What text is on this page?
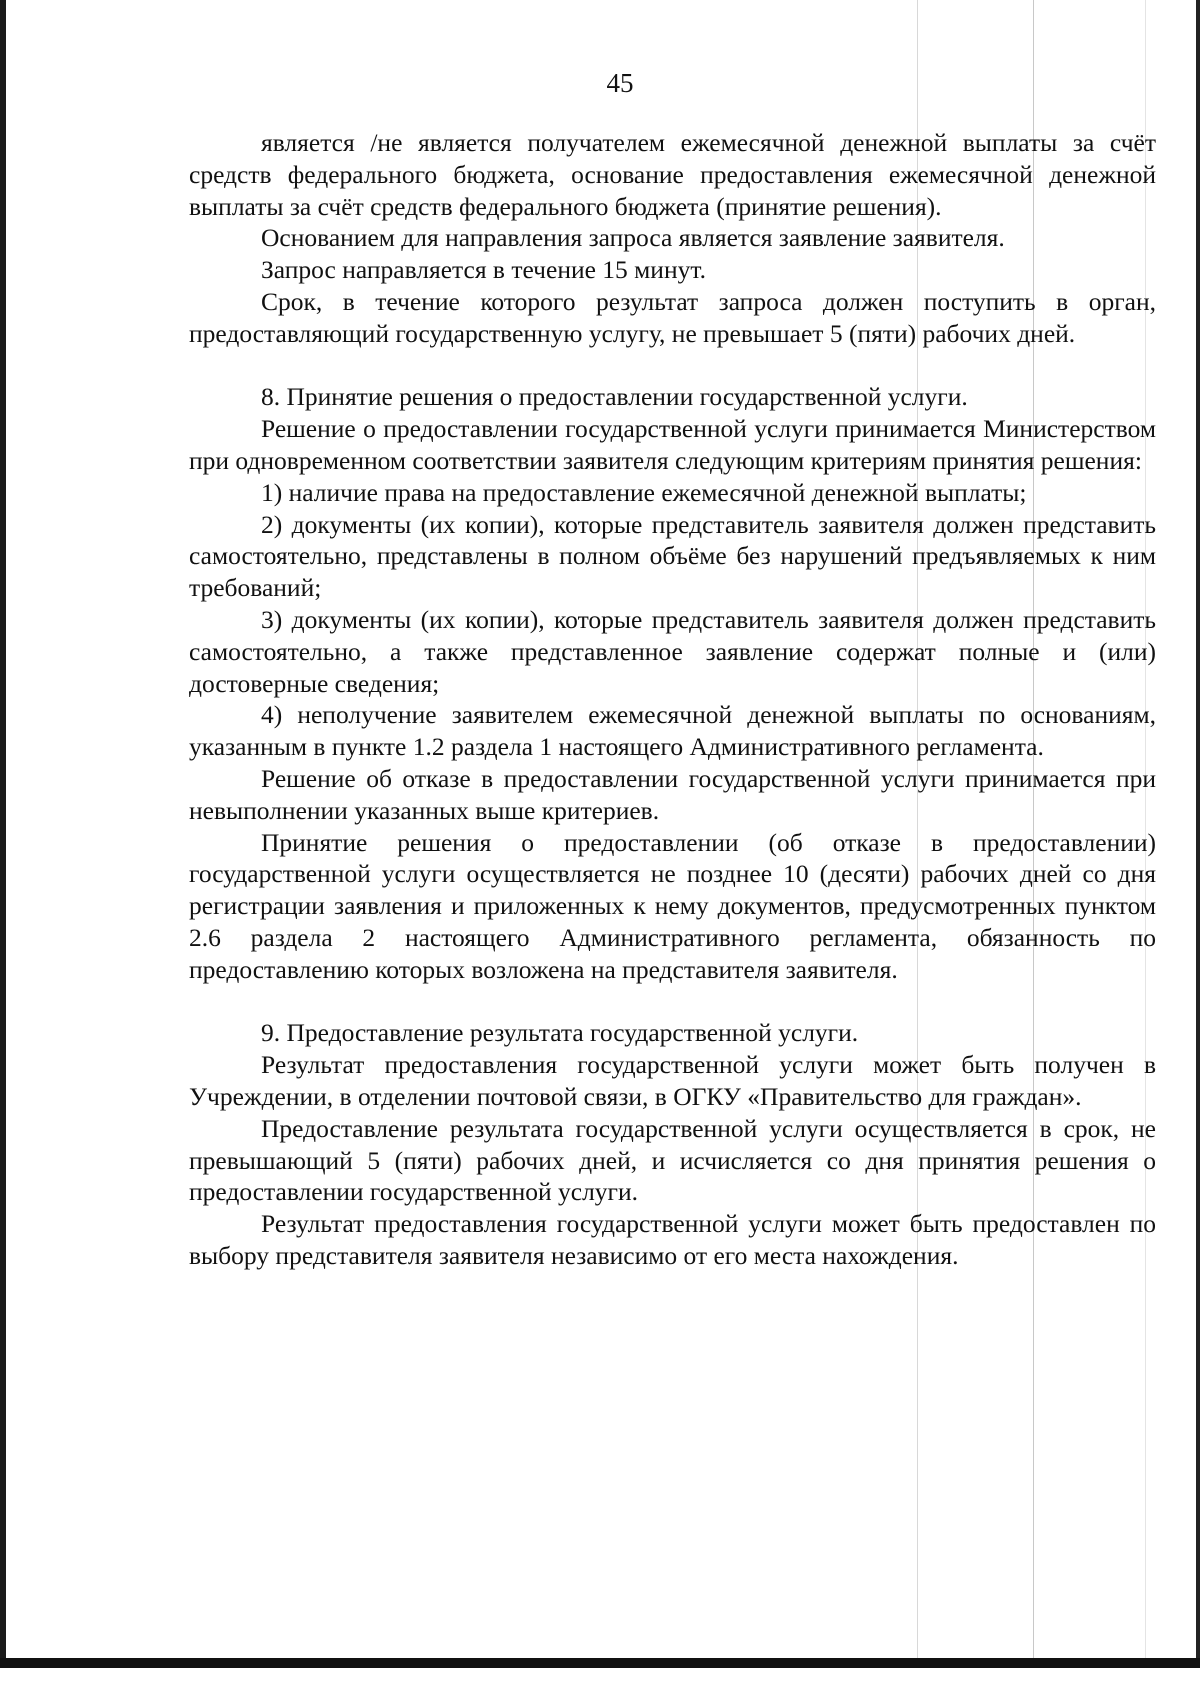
45

является /не является получателем ежемесячной денежной выплаты за счёт средств федерального бюджета, основание предоставления ежемесячной денежной выплаты за счёт средств федерального бюджета (принятие решения).

Основанием для направления запроса является заявление заявителя.

Запрос направляется в течение 15 минут.

Срок, в течение которого результат запроса должен поступить в орган, предоставляющий государственную услугу, не превышает 5 (пяти) рабочих дней.

8. Принятие решения о предоставлении государственной услуги.

Решение о предоставлении государственной услуги принимается Министерством при одновременном соответствии заявителя следующим критериям принятия решения:

1) наличие права на предоставление ежемесячной денежной выплаты;

2) документы (их копии), которые представитель заявителя должен представить самостоятельно, представлены в полном объёме без нарушений предъявляемых к ним требований;

3) документы (их копии), которые представитель заявителя должен представить самостоятельно, а также представленное заявление содержат полные и (или) достоверные сведения;

4) неполучение заявителем ежемесячной денежной выплаты по основаниям, указанным в пункте 1.2 раздела 1 настоящего Административного регламента.

Решение об отказе в предоставлении государственной услуги принимается при невыполнении указанных выше критериев.

Принятие решения о предоставлении (об отказе в предоставлении) государственной услуги осуществляется не позднее 10 (десяти) рабочих дней со дня регистрации заявления и приложенных к нему документов, предусмотренных пунктом 2.6 раздела 2 настоящего Административного регламента, обязанность по предоставлению которых возложена на представителя заявителя.

9. Предоставление результата государственной услуги.

Результат предоставления государственной услуги может быть получен в Учреждении, в отделении почтовой связи, в ОГКУ «Правительство для граждан».

Предоставление результата государственной услуги осуществляется в срок, не превышающий 5 (пяти) рабочих дней, и исчисляется со дня принятия решения о предоставлении государственной услуги.

Результат предоставления государственной услуги может быть предоставлен по выбору представителя заявителя независимо от его места нахождения.
